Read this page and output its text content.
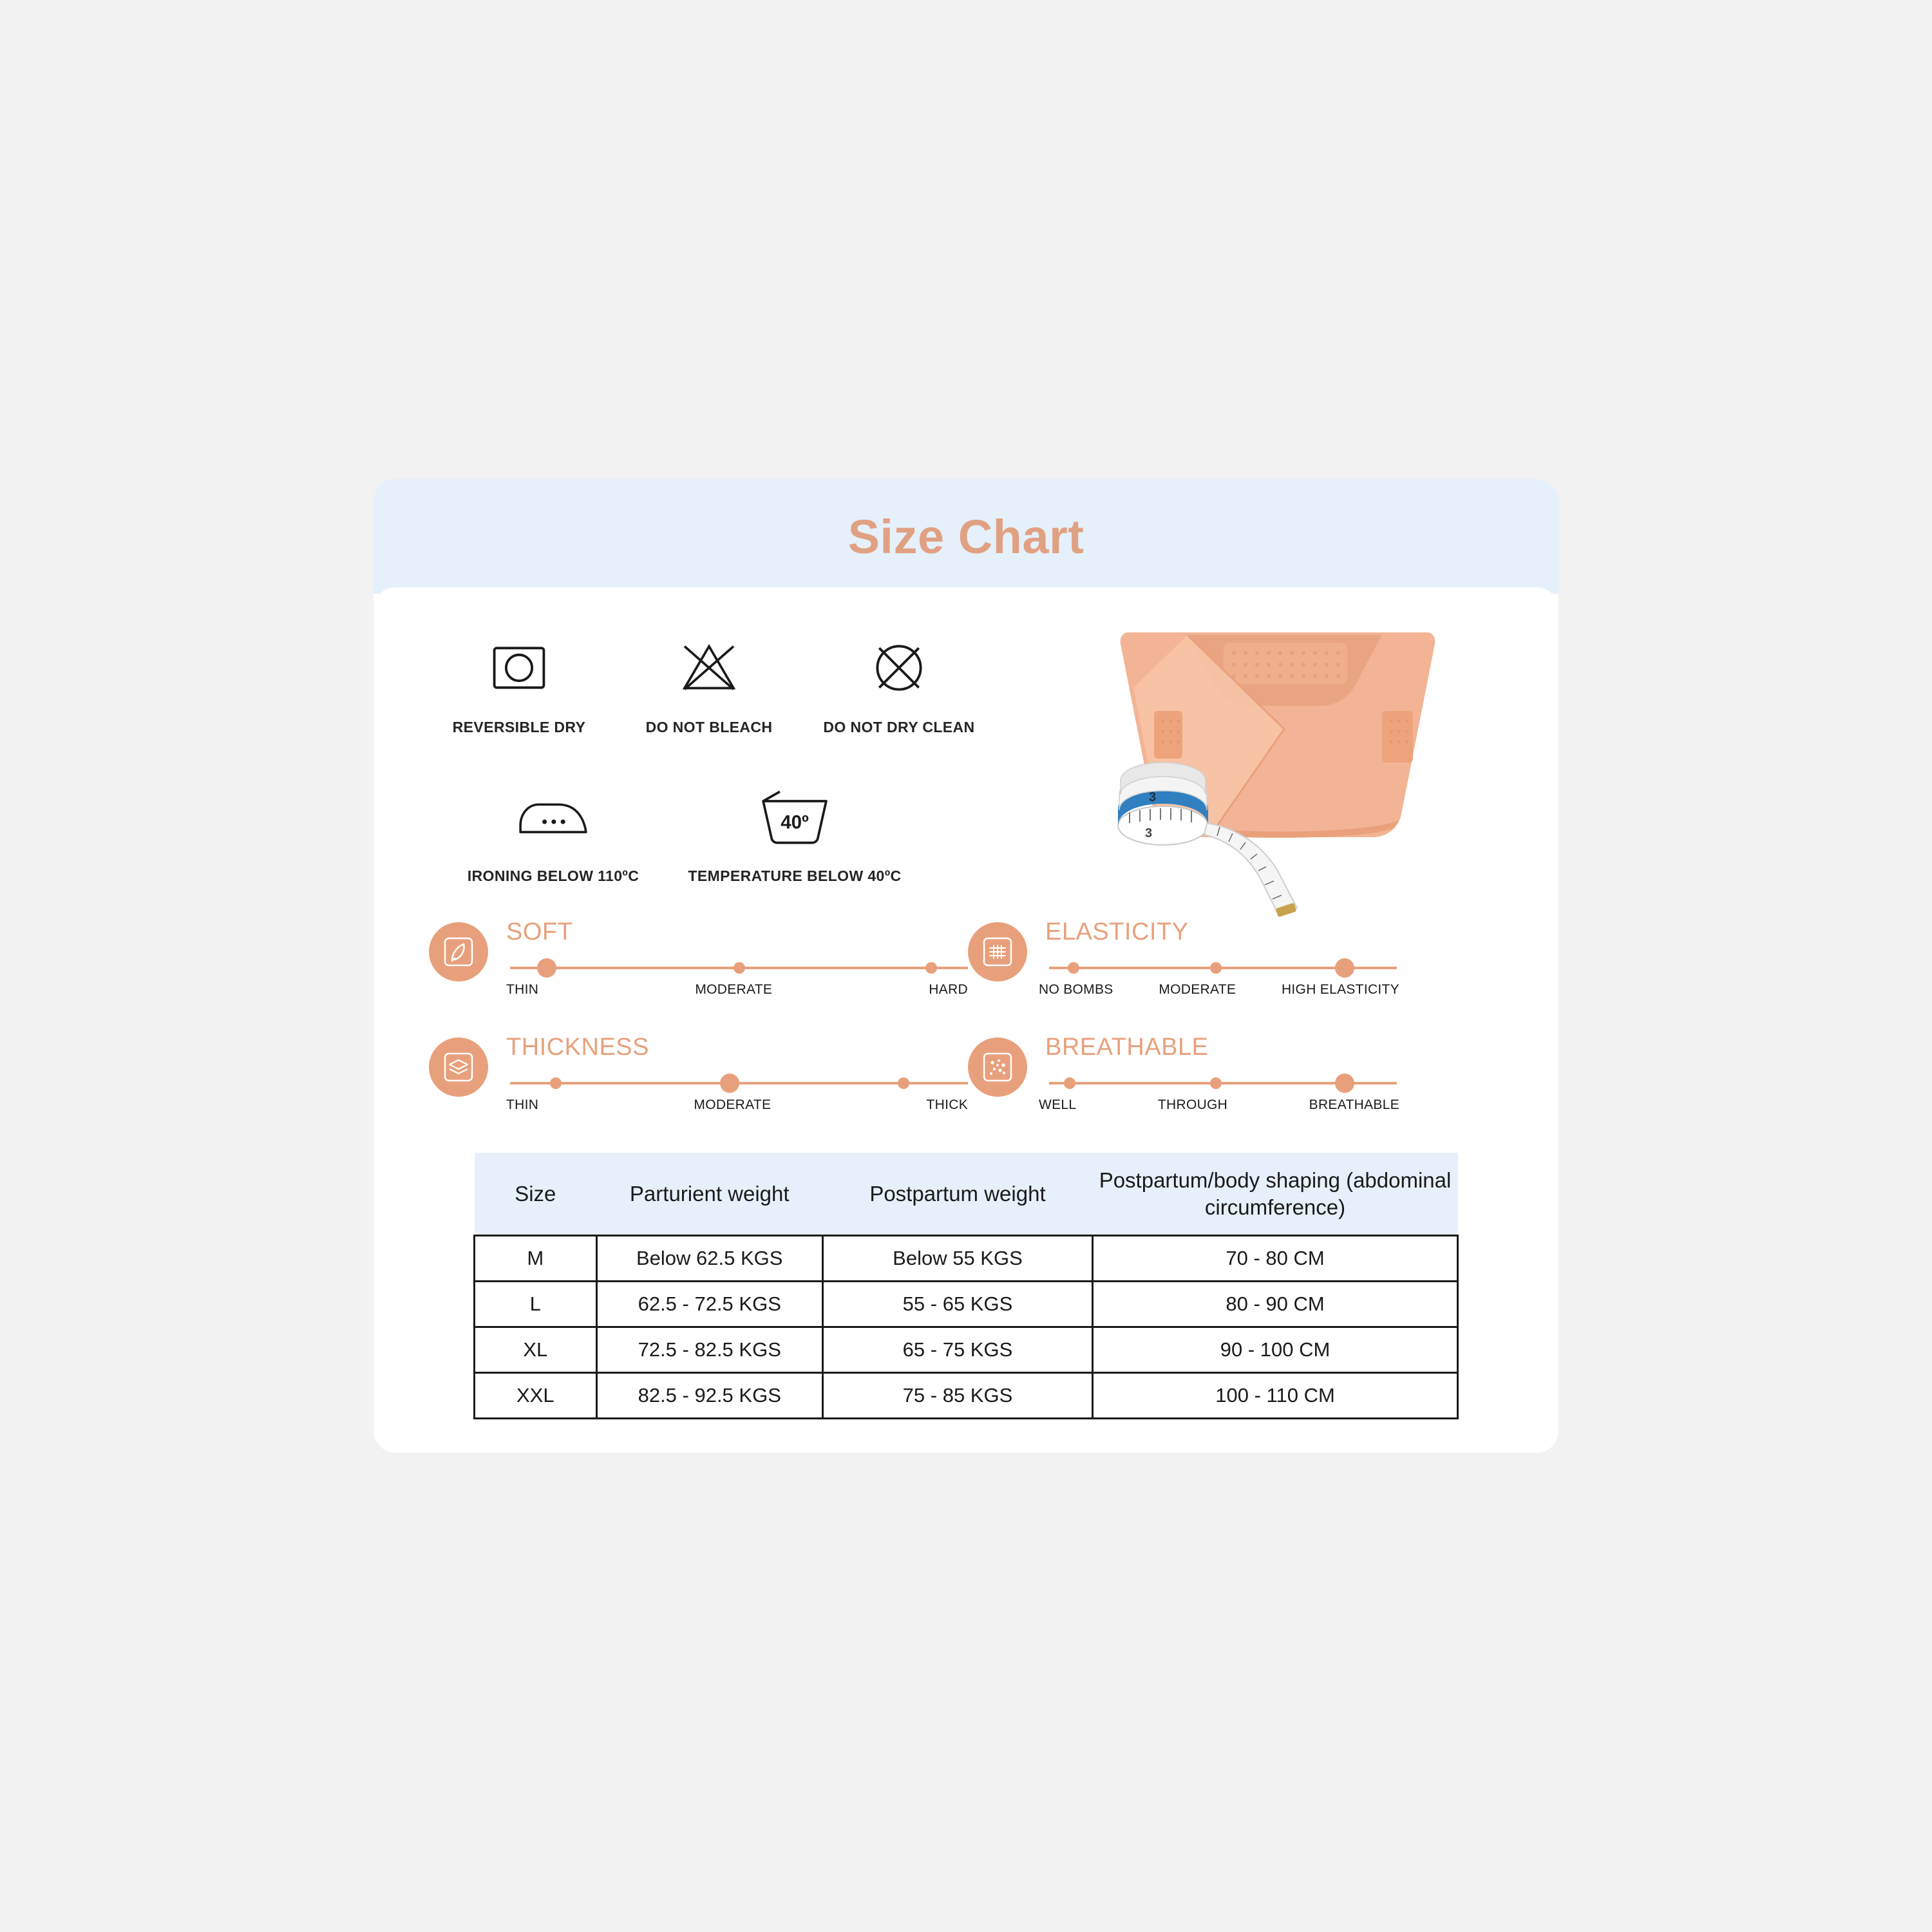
Size Chart
REVERSIBLE DRY	DO NOT BLEACH	DO NOT DRY CLEAN
IRONING BELOW 110ºC
40º
TEMPERATURE BELOW 40ºC
3
3
SOFT
THIN	MODERATE	HARD
ELASTICITY
NO BOMBS	MODERATE	HIGH ELASTICITY
THICKNESS
THIN	MODERATE	THICK
BREATHABLE
WELL	THROUGH	BREATHABLE
Size	Parturient weight	Postpartum weight	Postpartum/body shaping (abdominal circumference)
M	Below 62.5 KGS	Below 55 KGS	70 - 80 CM
L	62.5 - 72.5 KGS	55 - 65 KGS	80 - 90 CM
XL	72.5 - 82.5 KGS	65 - 75 KGS	90 - 100 CM
XXL	82.5 - 92.5 KGS	75 - 85 KGS	100 - 110 CM
